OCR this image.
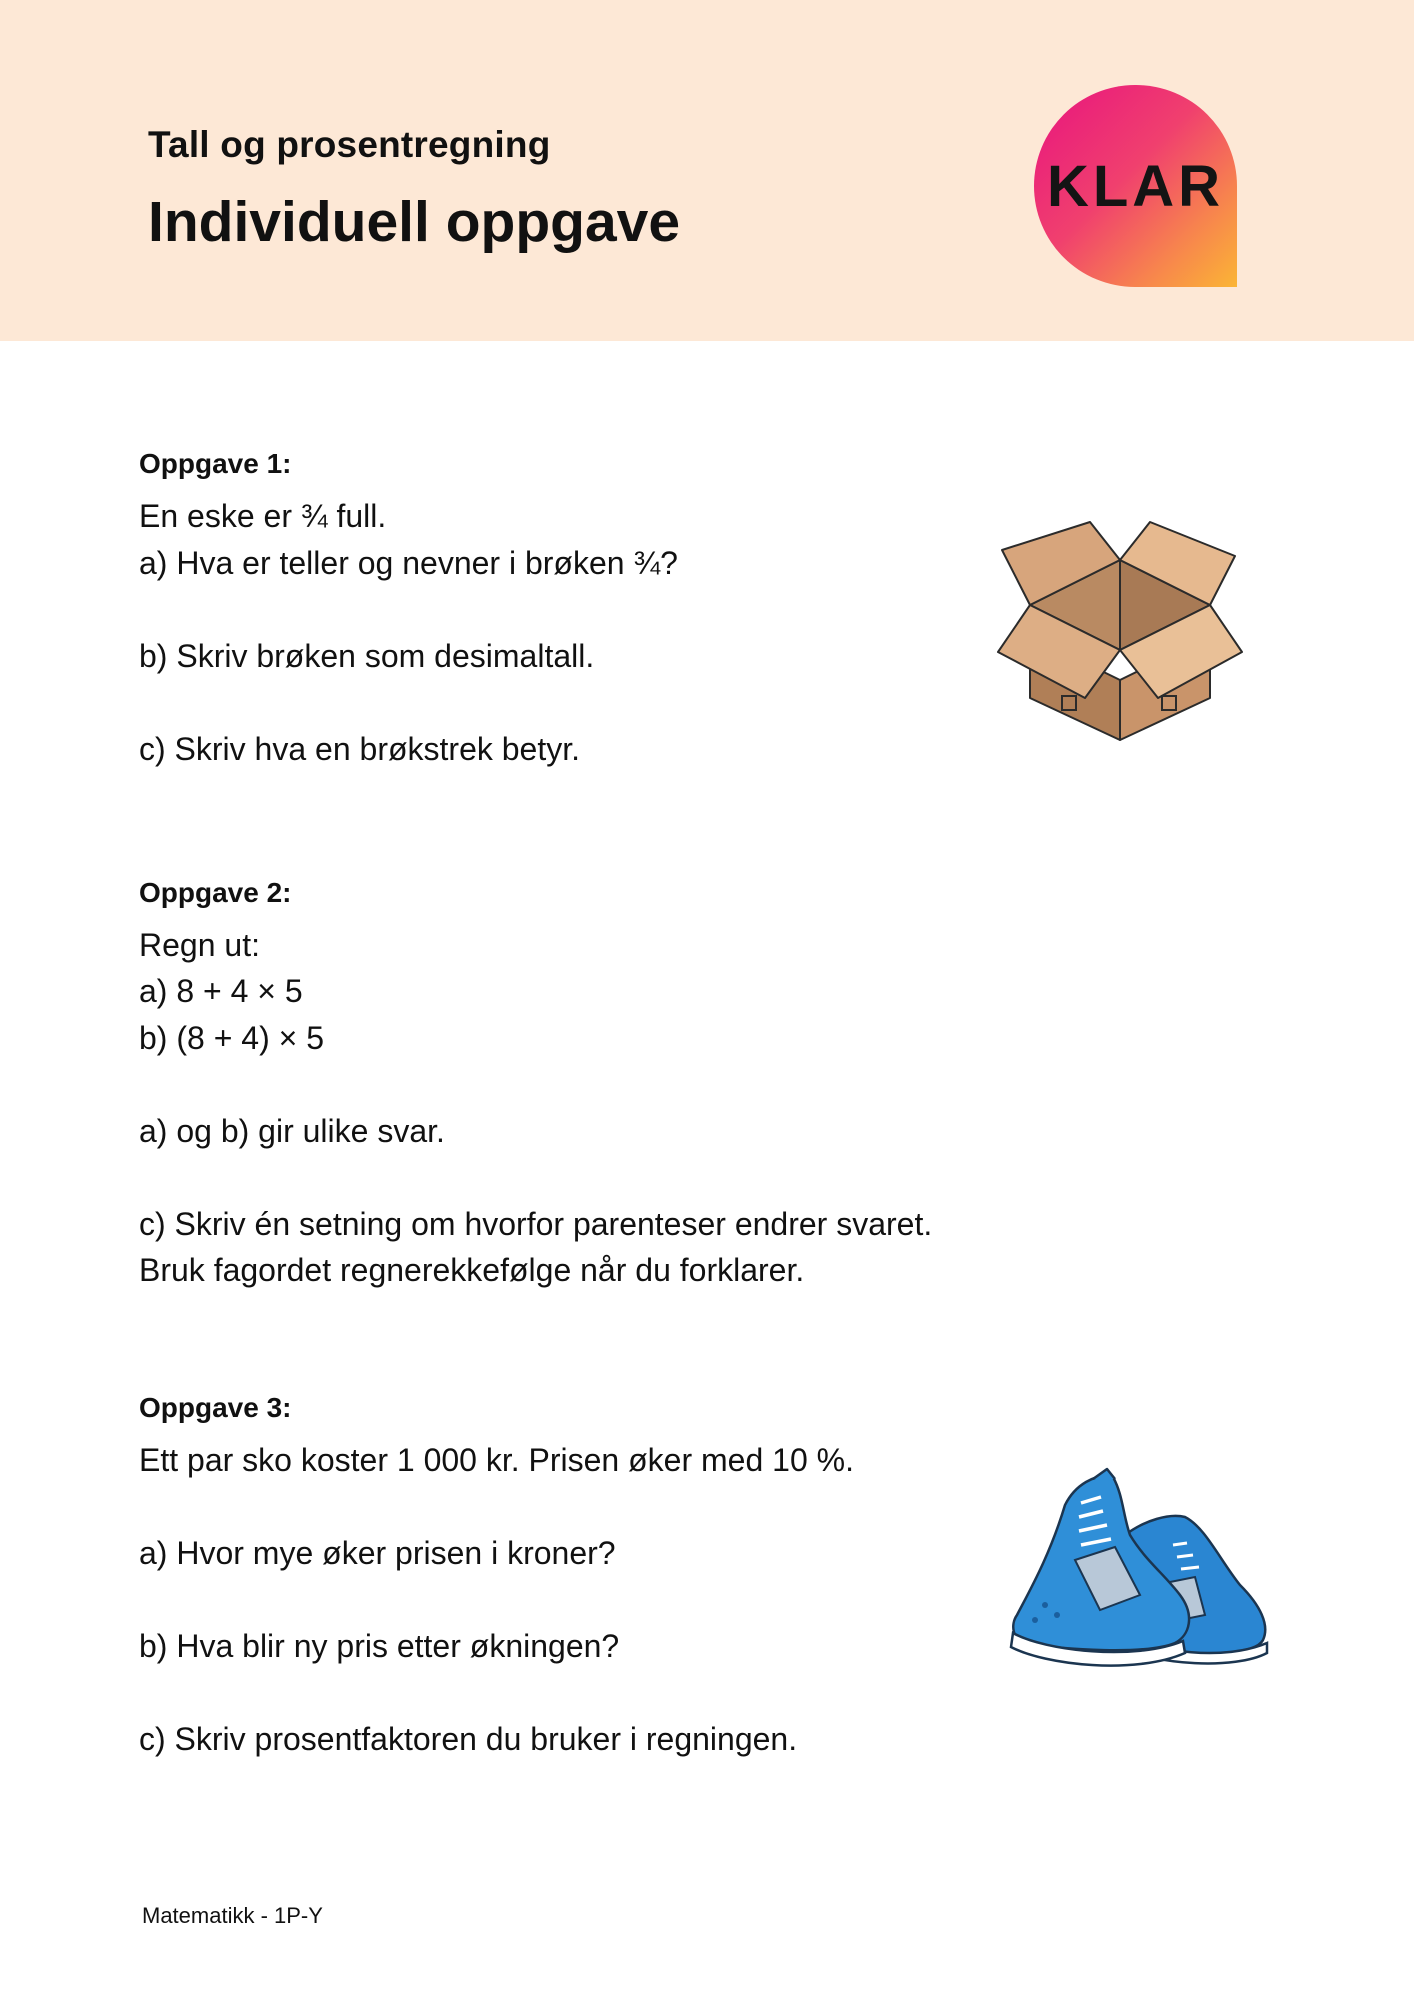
Tall og prosentregning
Individuell oppgave
KLAR
Oppgave 1:
En eske er ¾ full.
a) Hva er teller og nevner i brøken ¾?
b) Skriv brøken som desimaltall.
c) Skriv hva en brøkstrek betyr.
Oppgave 2:
Regn ut:
a) 8 + 4 × 5
b) (8 + 4) × 5
a) og b) gir ulike svar.
c) Skriv én setning om hvorfor parenteser endrer svaret.
Bruk fagordet regnerekkefølge når du forklarer.
Oppgave 3:
Ett par sko koster 1 000 kr. Prisen øker med 10 %.
a) Hvor mye øker prisen i kroner?
b) Hva blir ny pris etter økningen?
c) Skriv prosentfaktoren du bruker i regningen.
Matematikk - 1P-Y
